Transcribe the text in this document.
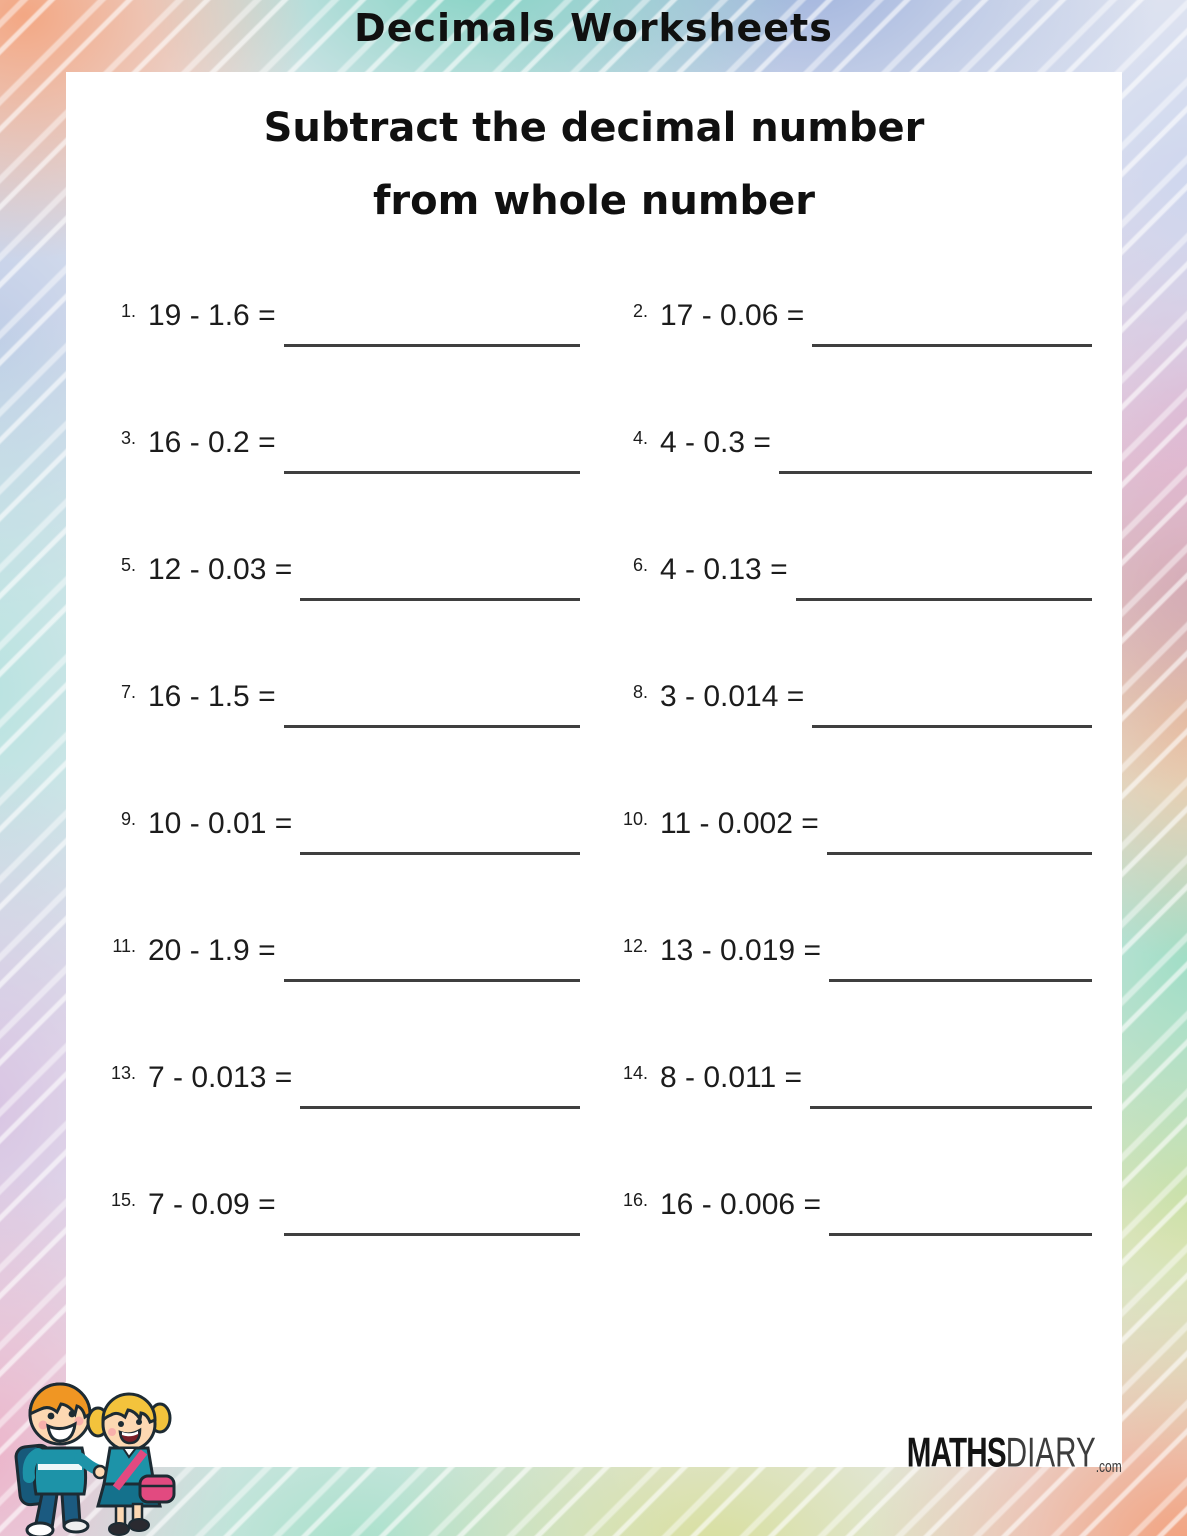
Decimals Worksheets
Subtract the decimal number
from whole number
1. 19 - 1.6 =	2. 17 - 0.06 =
3. 16 - 0.2 =	4. 4 - 0.3 =
5. 12 - 0.03 =	6. 4 - 0.13 =
7. 16 - 1.5 =	8. 3 - 0.014 =
9. 10 - 0.01 =	10. 11 - 0.002 =
11. 20 - 1.9 =	12. 13 - 0.019 =
13. 7 - 0.013 =	14. 8 - 0.011 =
15. 7 - 0.09 =	16. 16 - 0.006 =
MATHSDIARY.com
